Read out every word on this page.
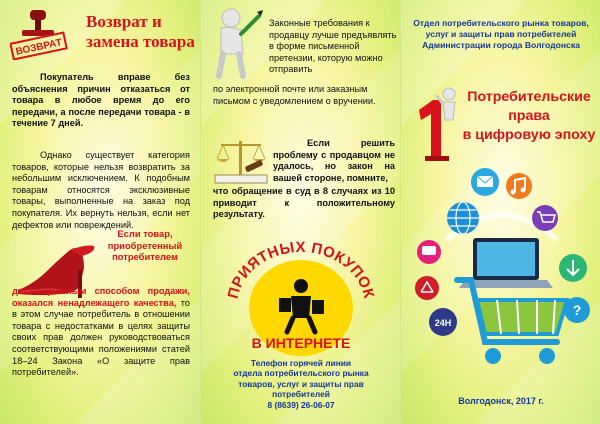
ВОЗВРАТ
Возврат и замена товара
Покупатель вправе без объяснения причин отказаться от товара в любое время до его передачи, а после передачи товара - в течение 7 дней.
Однако существует категория товаров, которые нельзя возвратить за небольшим исключением. К подобным товарам относятся эксклюзивные товары, выполненные на заказ под покупателя. Их вернуть нельзя, если нет дефектов или повреждений.
Если товар, приобретенный потребителем
дистанционным способом продажи, оказался ненадлежащего качества, то в этом случае потребитель в отношении товара с недостатками в целях защиты своих прав должен руководствоваться соответствующими положениями статей 18–24 Закона «О защите прав потребителей».
Законные требования к продавцу лучше предъявлять в форме письменной претензии, которую можно отправить
по электронной почте или заказным письмом с уведомлением о вручении.
Если решить проблему с продавцом не удалось, но закон на вашей стороне, помните,
что обращение в суд в 8 случаях из 10 приводит к положительному результату.
ПРИЯТНЫХ ПОКУПОК
В ИНТЕРНЕТЕ
Телефон горячей линии
отдела потребительского рынка
товаров, услуг и защиты прав потребителей
8 (8639) 26-06-07
Отдел потребительского рынка товаров,
услуг и защиты прав потребителей
Администрации города Волгодонска
Потребительские
права
в цифровую эпоху
24H
?
Волгодонск, 2017 г.
